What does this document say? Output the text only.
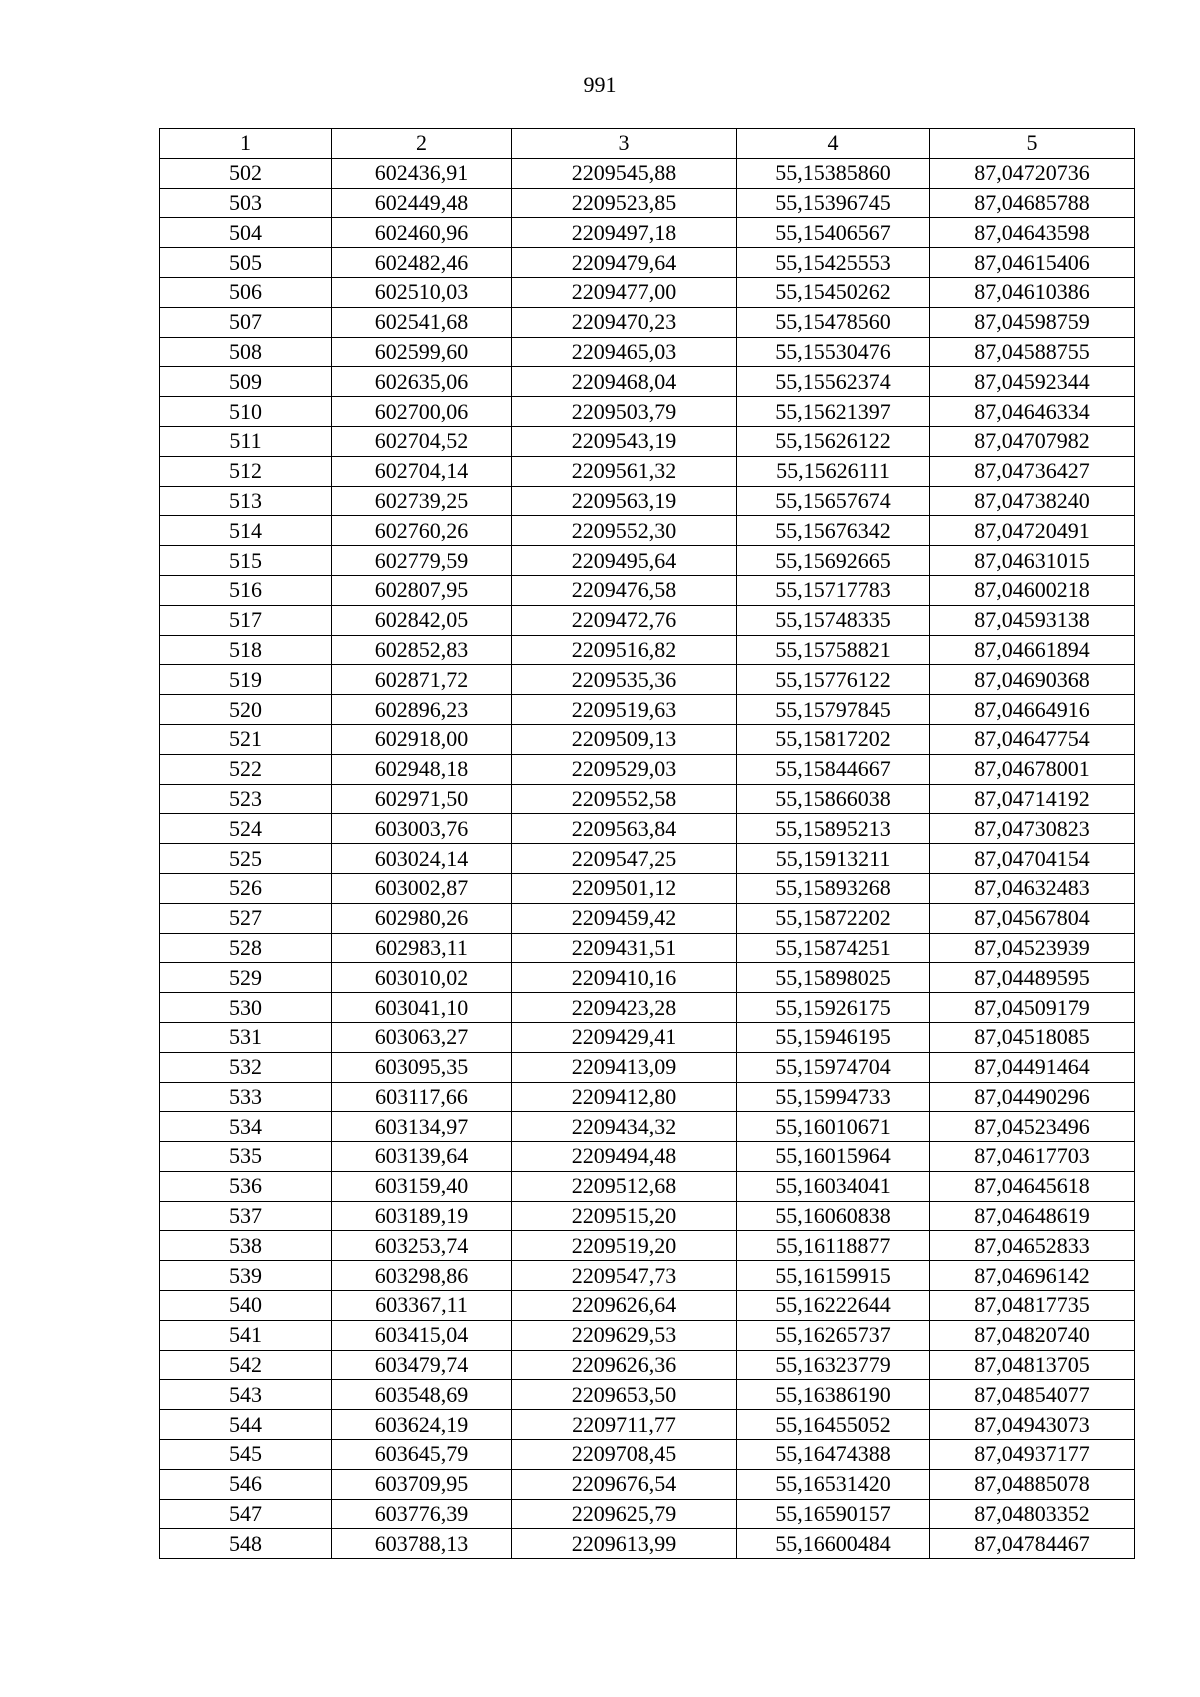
991
1	2	3	4	5
502	602436,91	2209545,88	55,15385860	87,04720736
503	602449,48	2209523,85	55,15396745	87,04685788
504	602460,96	2209497,18	55,15406567	87,04643598
505	602482,46	2209479,64	55,15425553	87,04615406
506	602510,03	2209477,00	55,15450262	87,04610386
507	602541,68	2209470,23	55,15478560	87,04598759
508	602599,60	2209465,03	55,15530476	87,04588755
509	602635,06	2209468,04	55,15562374	87,04592344
510	602700,06	2209503,79	55,15621397	87,04646334
511	602704,52	2209543,19	55,15626122	87,04707982
512	602704,14	2209561,32	55,15626111	87,04736427
513	602739,25	2209563,19	55,15657674	87,04738240
514	602760,26	2209552,30	55,15676342	87,04720491
515	602779,59	2209495,64	55,15692665	87,04631015
516	602807,95	2209476,58	55,15717783	87,04600218
517	602842,05	2209472,76	55,15748335	87,04593138
518	602852,83	2209516,82	55,15758821	87,04661894
519	602871,72	2209535,36	55,15776122	87,04690368
520	602896,23	2209519,63	55,15797845	87,04664916
521	602918,00	2209509,13	55,15817202	87,04647754
522	602948,18	2209529,03	55,15844667	87,04678001
523	602971,50	2209552,58	55,15866038	87,04714192
524	603003,76	2209563,84	55,15895213	87,04730823
525	603024,14	2209547,25	55,15913211	87,04704154
526	603002,87	2209501,12	55,15893268	87,04632483
527	602980,26	2209459,42	55,15872202	87,04567804
528	602983,11	2209431,51	55,15874251	87,04523939
529	603010,02	2209410,16	55,15898025	87,04489595
530	603041,10	2209423,28	55,15926175	87,04509179
531	603063,27	2209429,41	55,15946195	87,04518085
532	603095,35	2209413,09	55,15974704	87,04491464
533	603117,66	2209412,80	55,15994733	87,04490296
534	603134,97	2209434,32	55,16010671	87,04523496
535	603139,64	2209494,48	55,16015964	87,04617703
536	603159,40	2209512,68	55,16034041	87,04645618
537	603189,19	2209515,20	55,16060838	87,04648619
538	603253,74	2209519,20	55,16118877	87,04652833
539	603298,86	2209547,73	55,16159915	87,04696142
540	603367,11	2209626,64	55,16222644	87,04817735
541	603415,04	2209629,53	55,16265737	87,04820740
542	603479,74	2209626,36	55,16323779	87,04813705
543	603548,69	2209653,50	55,16386190	87,04854077
544	603624,19	2209711,77	55,16455052	87,04943073
545	603645,79	2209708,45	55,16474388	87,04937177
546	603709,95	2209676,54	55,16531420	87,04885078
547	603776,39	2209625,79	55,16590157	87,04803352
548	603788,13	2209613,99	55,16600484	87,04784467
